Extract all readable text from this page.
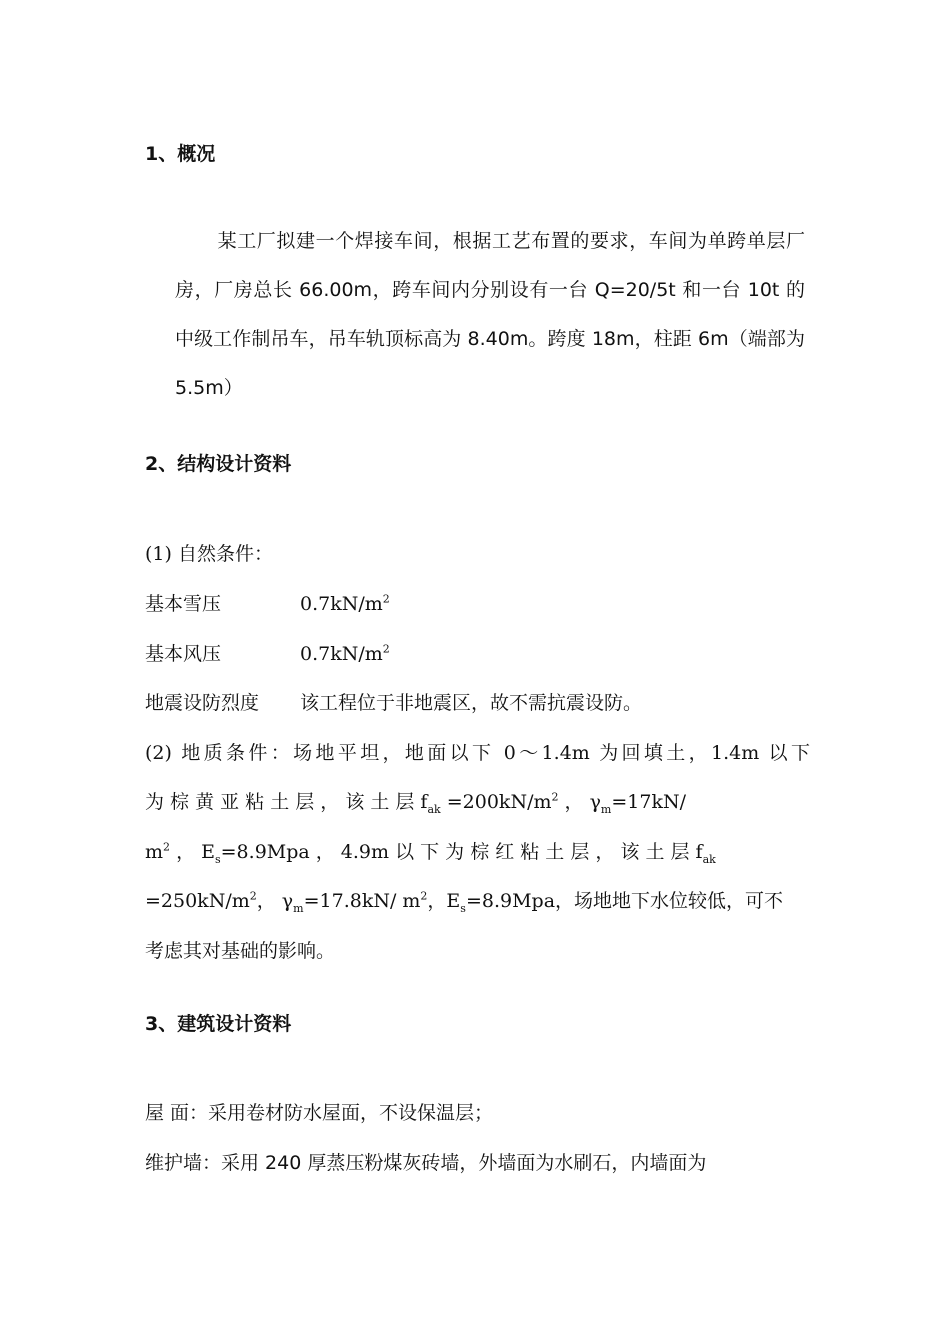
1、概况
某工厂拟建一个焊接车间，根据工艺布置的要求，车间为单跨单层厂房，厂房总长 66.00m，跨车间内分别设有一台 Q=20/5t 和一台 10t 的中级工作制吊车，吊车轨顶标高为 8.40m。跨度 18m，柱距 6m（端部为 5.5m）
2、结构设计资料
(1) 自然条件：
基本雪压	$0.7kN/m^2$
基本风压	$0.7kN/m^2$
地震设防烈度 该工程位于非地震区，故不需抗震设防。
(2) 地质条件：场地平坦，地面以下 0～1.4m 为回填土，1.4m 以下
为 棕 黄 亚 粘 土 层 ， 该 土 层 $f_{ak} =200kN/m^2$ ， $\gamma_m=17kN/$
$m^2$ ， $E_s=8.9Mpa$ ， 4.9m 以 下 为 棕 红 粘 土 层 ， 该 土 层 $f_{ak}$
$=250kN/m^2$， $\gamma_m=17.8kN/$ $m^2$，$E_s=8.9Mpa$，场地地下水位较低，可不
考虑其对基础的影响。
3、建筑设计资料
屋 面：采用卷材防水屋面，不设保温层；
维护墙：采用 240 厚蒸压粉煤灰砖墙，外墙面为水刷石，内墙面为
